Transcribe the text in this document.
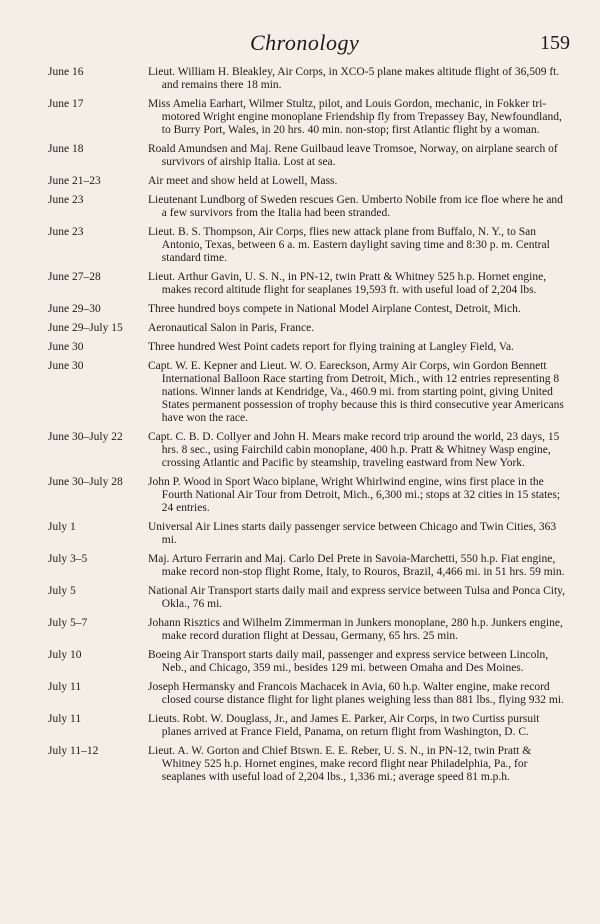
Chronology	159
June 16	Lieut. William H. Bleakley, Air Corps, in XCO-5 plane makes altitude flight of 36,509 ft. and remains there 18 min.
June 17	Miss Amelia Earhart, Wilmer Stultz, pilot, and Louis Gordon, mechanic, in Fokker tri-motored Wright engine monoplane Friendship fly from Trepassey Bay, Newfoundland, to Burry Port, Wales, in 20 hrs. 40 min. non-stop; first Atlantic flight by a woman.
June 18	Roald Amundsen and Maj. Rene Guilbaud leave Tromsoe, Norway, on airplane search of survivors of airship Italia. Lost at sea.
June 21–23	Air meet and show held at Lowell, Mass.
June 23	Lieutenant Lundborg of Sweden rescues Gen. Umberto Nobile from ice floe where he and a few survivors from the Italia had been stranded.
June 23	Lieut. B. S. Thompson, Air Corps, flies new attack plane from Buffalo, N. Y., to San Antonio, Texas, between 6 a. m. Eastern daylight saving time and 8:30 p. m. Central standard time.
June 27–28	Lieut. Arthur Gavin, U. S. N., in PN-12, twin Pratt & Whitney 525 h.p. Hornet engine, makes record altitude flight for seaplanes 19,593 ft. with useful load of 2,204 lbs.
June 29–30	Three hundred boys compete in National Model Airplane Contest, Detroit, Mich.
June 29–July 15	Aeronautical Salon in Paris, France.
June 30	Three hundred West Point cadets report for flying training at Langley Field, Va.
June 30	Capt. W. E. Kepner and Lieut. W. O. Eareckson, Army Air Corps, win Gordon Bennett International Balloon Race starting from Detroit, Mich., with 12 entries representing 8 nations. Winner lands at Kendridge, Va., 460.9 mi. from starting point, giving United States permanent possession of trophy because this is third consecutive year Americans have won the race.
June 30–July 22	Capt. C. B. D. Collyer and John H. Mears make record trip around the world, 23 days, 15 hrs. 8 sec., using Fairchild cabin monoplane, 400 h.p. Pratt & Whitney Wasp engine, crossing Atlantic and Pacific by steamship, traveling eastward from New York.
June 30–July 28	John P. Wood in Sport Waco biplane, Wright Whirlwind engine, wins first place in the Fourth National Air Tour from Detroit, Mich., 6,300 mi.; stops at 32 cities in 15 states; 24 entries.
July 1	Universal Air Lines starts daily passenger service between Chicago and Twin Cities, 363 mi.
July 3–5	Maj. Arturo Ferrarin and Maj. Carlo Del Prete in Savoia-Marchetti, 550 h.p. Fiat engine, make record non-stop flight Rome, Italy, to Rouros, Brazil, 4,466 mi. in 51 hrs. 59 min.
July 5	National Air Transport starts daily mail and express service between Tulsa and Ponca City, Okla., 76 mi.
July 5–7	Johann Risztics and Wilhelm Zimmerman in Junkers monoplane, 280 h.p. Junkers engine, make record duration flight at Dessau, Germany, 65 hrs. 25 min.
July 10	Boeing Air Transport starts daily mail, passenger and express service between Lincoln, Neb., and Chicago, 359 mi., besides 129 mi. between Omaha and Des Moines.
July 11	Joseph Hermansky and Francois Machacek in Avia, 60 h.p. Walter engine, make record closed course distance flight for light planes weighing less than 881 lbs., flying 932 mi.
July 11	Lieuts. Robt. W. Douglass, Jr., and James E. Parker, Air Corps, in two Curtiss pursuit planes arrived at France Field, Panama, on return flight from Washington, D. C.
July 11–12	Lieut. A. W. Gorton and Chief Btswn. E. E. Reber, U. S. N., in PN-12, twin Pratt & Whitney 525 h.p. Hornet engines, make record flight near Philadelphia, Pa., for seaplanes with useful load of 2,204 lbs., 1,336 mi.; average speed 81 m.p.h.
